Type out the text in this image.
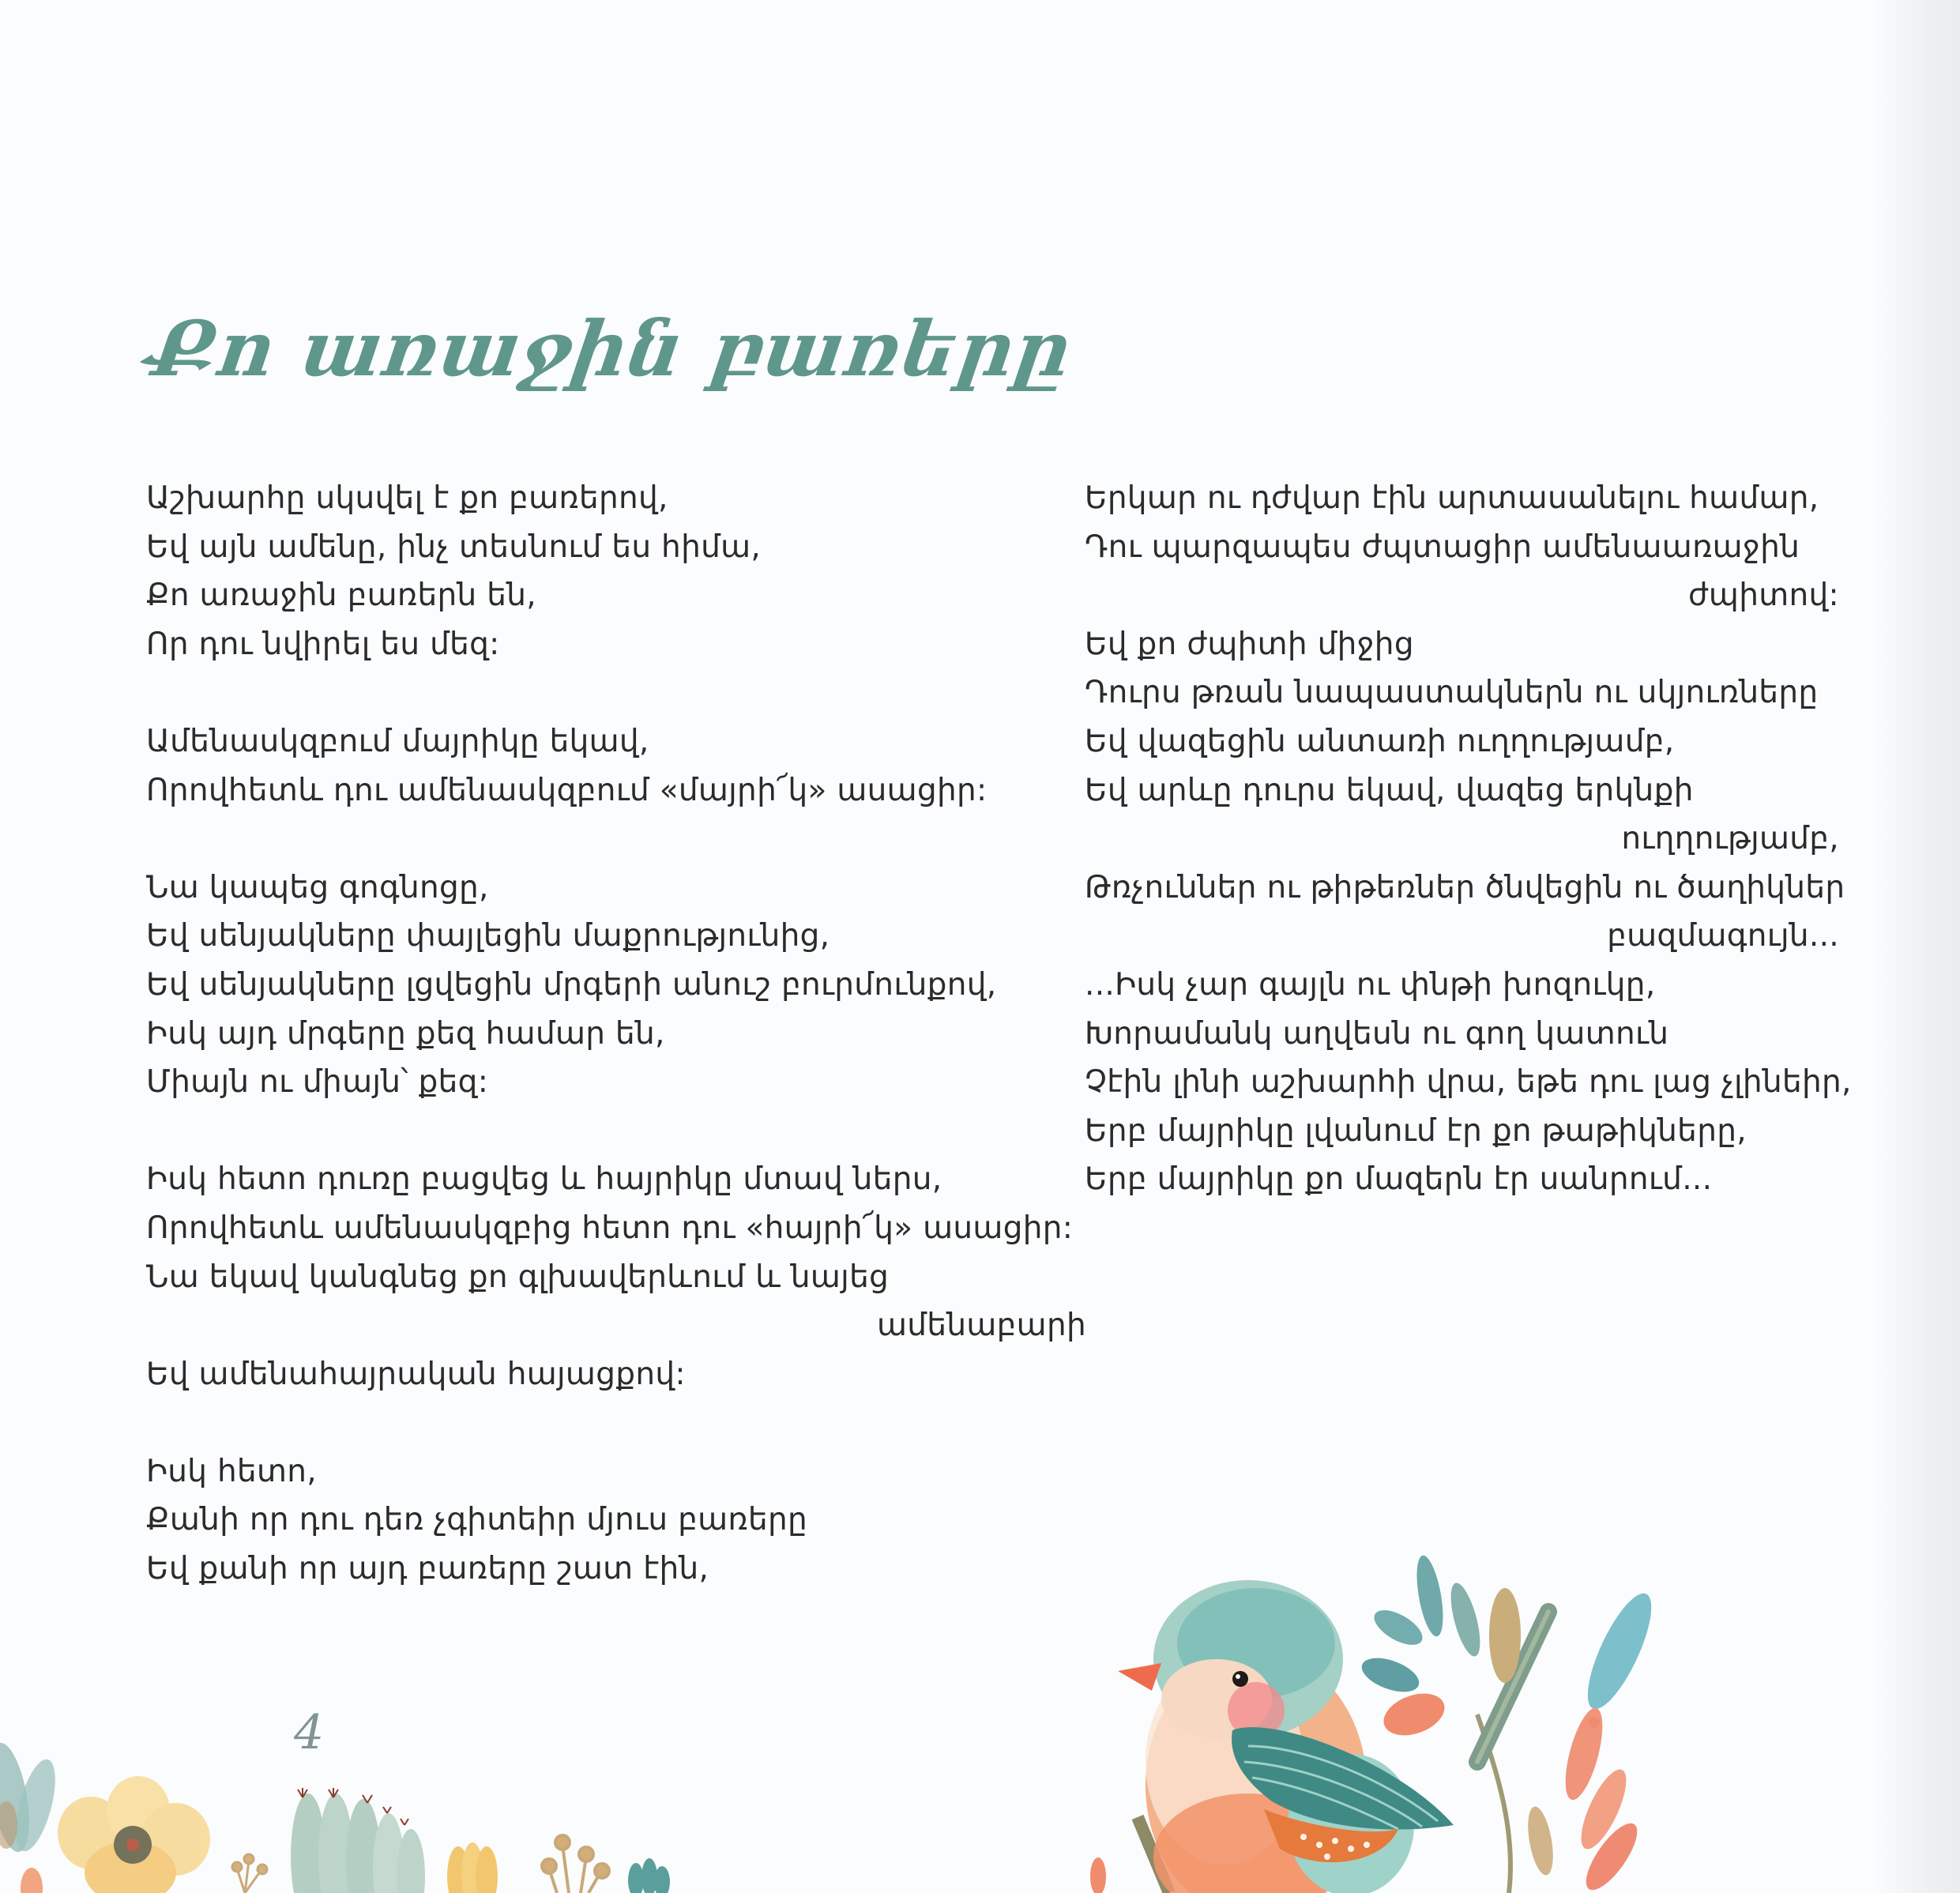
Քո առաջին բառերը
Աշխարհը սկսվել է քո բառերով,
Եվ այն ամենը, ինչ տեսնում ես հիմա,
Քո առաջին բառերն են,
Որ դու նվիրել ես մեզ:
Ամենասկզբում մայրիկը եկավ,
Որովհետև դու ամենասկզբում «մայրի՜կ» ասացիր:
Նա կապեց գոգնոցը,
Եվ սենյակները փայլեցին մաքրությունից,
Եվ սենյակները լցվեցին մրգերի անուշ բուրմունքով,
Իսկ այդ մրգերը քեզ համար են,
Միայն ու միայն՝ քեզ:
Իսկ հետո դուռը բացվեց և հայրիկը մտավ ներս,
Որովհետև ամենասկզբից հետո դու «հայրի՜կ» ասացիր:
Նա եկավ կանգնեց քո գլխավերևում և նայեց
ամենաբարի
Եվ ամենահայրական հայացքով:
Իսկ հետո,
Քանի որ դու դեռ չգիտեիր մյուս բառերը
Եվ քանի որ այդ բառերը շատ էին,
Երկար ու դժվար էին արտասանելու համար,
Դու պարզապես ժպտացիր ամենաառաջին
ժպիտով:
Եվ քո ժպիտի միջից
Դուրս թռան նապաստակներն ու սկյուռները
Եվ վազեցին անտառի ուղղությամբ,
Եվ արևը դուրս եկավ, վազեց երկնքի
ուղղությամբ,
Թռչուններ ու թիթեռներ ծնվեցին ու ծաղիկներ
բազմագույն...
...Իսկ չար գայլն ու փնթի խոզուկը,
Խորամանկ աղվեսն ու գող կատուն
Չէին լինի աշխարհի վրա, եթե դու լաց չլինեիր,
Երբ մայրիկը լվանում էր քո թաթիկները,
Երբ մայրիկը քո մազերն էր սանրում...
4
